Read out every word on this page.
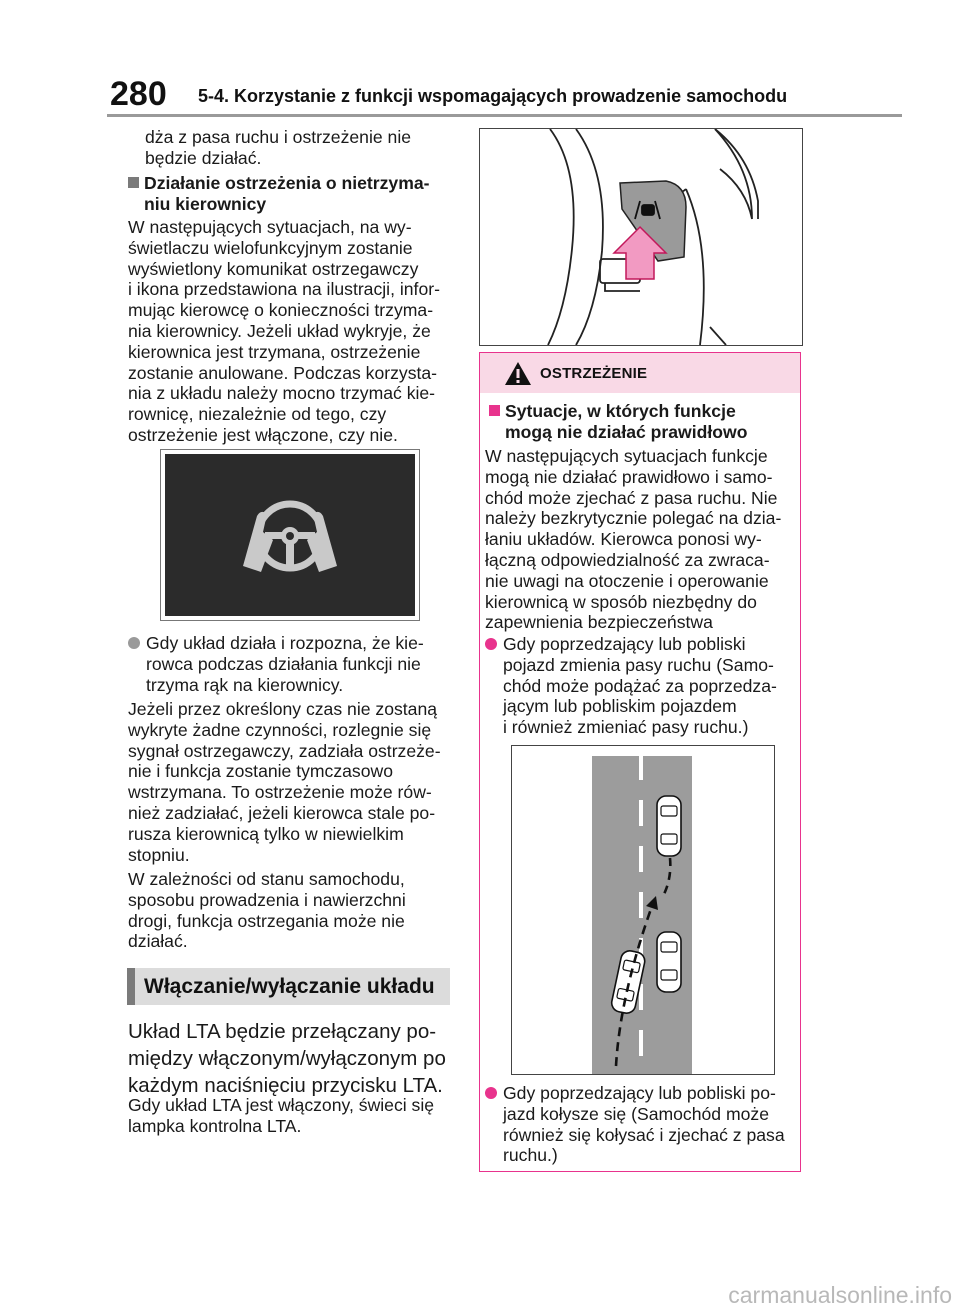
280 5-4. Korzystanie z funkcji wspomagających prowadzenie samochodu

dża z pasa ruchu i ostrzeżenie nie

będzie działać.

Działanie ostrzeżenia o nietrzyma-

niu kierownicy

W następujących sytuacjach, na wy-

świetlaczu wielofunkcyjnym zostanie

wyświetlony komunikat ostrzegawczy

i ikona przedstawiona na ilustracji, infor-

mując kierowcę o konieczności trzyma-

nia kierownicy. Jeżeli układ wykryje, że

kierownica jest trzymana, ostrzeżenie

zostanie anulowane. Podczas korzysta-

nia z układu należy mocno trzymać kie-

rownicę, niezależnie od tego, czy

ostrzeżenie jest włączone, czy nie.

Gdy układ działa i rozpozna, że kie-

rowca podczas działania funkcji nie

trzyma rąk na kierownicy.

Jeżeli przez określony czas nie zostaną

wykryte żadne czynności, rozlegnie się

sygnał ostrzegawczy, zadziała ostrzeże-

nie i funkcja zostanie tymczasowo

wstrzymana. To ostrzeżenie może rów-

nież zadziałać, jeżeli kierowca stale po-

rusza kierownicą tylko w niewielkim

stopniu.

W zależności od stanu samochodu,

sposobu prowadzenia i nawierzchni

drogi, funkcja ostrzegania może nie

działać.

Włączanie/wyłączanie układu

Układ LTA będzie przełączany po-

między włączonym/wyłączonym po

każdym naciśnięciu przycisku LTA.

Gdy układ LTA jest włączony, świeci się

lampka kontrolna LTA.

OSTRZEŻENIE

Sytuacje, w których funkcje

mogą nie działać prawidłowo

W następujących sytuacjach funkcje

mogą nie działać prawidłowo i samo-

chód może zjechać z pasa ruchu. Nie

należy bezkrytycznie polegać na dzia-

łaniu układów. Kierowca ponosi wy-

łączną odpowiedzialność za zwraca-

nie uwagi na otoczenie i operowanie

kierownicą w sposób niezbędny do

zapewnienia bezpieczeństwa

Gdy poprzedzający lub pobliski

pojazd zmienia pasy ruchu (Samo-

chód może podążać za poprzedza-

jącym lub pobliskim pojazdem

i również zmieniać pasy ruchu.)

Gdy poprzedzający lub pobliski po-

jazd kołysze się (Samochód może

również się kołysać i zjechać z pasa

ruchu.)

carmanualsonline.info
